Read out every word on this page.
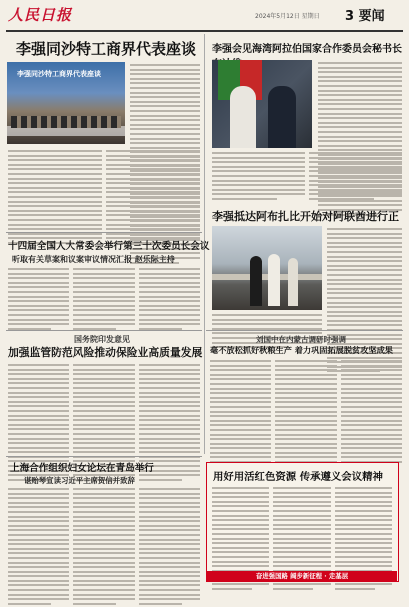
人民日报	2024年5月12日 星期日 3 要闻
李强同沙特工商界代表座谈
李强同沙特工商界代表座谈
李强会见海湾阿拉伯国家合作委员会秘书长
李强抵达阿布扎比开始对阿联酋进行正
十四届全国人大常委会举行第三十次委员长会议
听取有关草案和议案审议情况汇报 赵乐际主持
国务院印发意见
加强监管防范风险推动保险业高质量发展
刘国中在内蒙古调研时强调
毫不放松抓好秋粮生产 着力巩固拓展脱贫攻坚成果
上海合作组织妇女论坛在青岛举行
谌贻琴宣读习近平主席贺信并致辞	用好用活红色资源 传承遵义会议精神
奋进强国路 阔步新征程 · 走基层
